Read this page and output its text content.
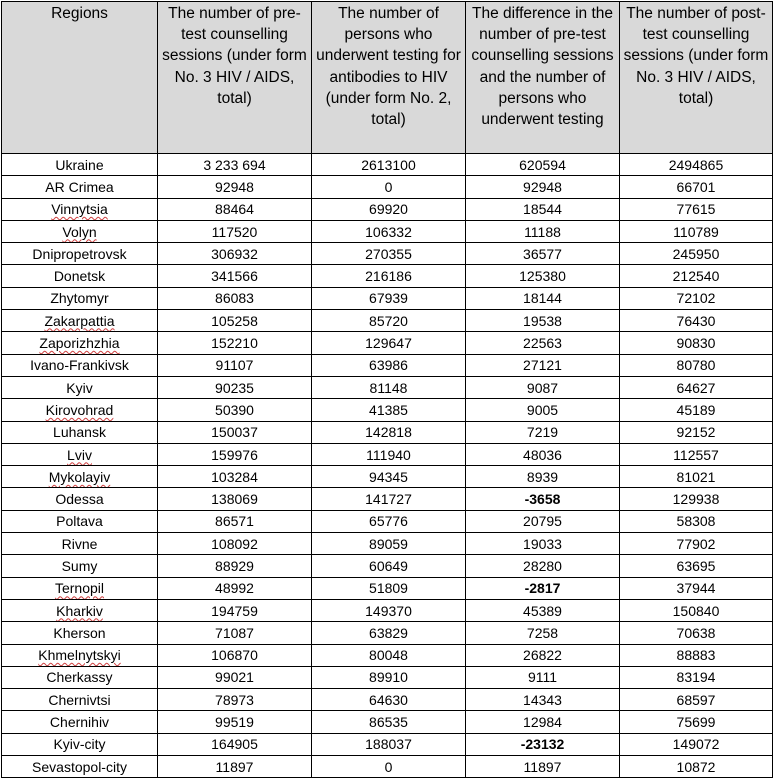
Regions	The number of pre-test counselling sessions (under form No. 3 HIV / AIDS, total)	The number of persons who underwent testing for antibodies to HIV (under form No. 2, total)	The difference in the number of pre-test counselling sessions and the number of persons who underwent testing	The number of post-test counselling sessions (under form No. 3 HIV / AIDS, total)
Ukraine	3 233 694	2613100	620594	2494865
AR Crimea	92948	0	92948	66701
Vinnytsia	88464	69920	18544	77615
Volyn	117520	106332	11188	110789
Dnipropetrovsk	306932	270355	36577	245950
Donetsk	341566	216186	125380	212540
Zhytomyr	86083	67939	18144	72102
Zakarpattia	105258	85720	19538	76430
Zaporizhzhia	152210	129647	22563	90830
Ivano-Frankivsk	91107	63986	27121	80780
Kyiv	90235	81148	9087	64627
Kirovohrad	50390	41385	9005	45189
Luhansk	150037	142818	7219	92152
Lviv	159976	111940	48036	112557
Mykolayiv	103284	94345	8939	81021
Odessa	138069	141727	-3658	129938
Poltava	86571	65776	20795	58308
Rivne	108092	89059	19033	77902
Sumy	88929	60649	28280	63695
Ternopil	48992	51809	-2817	37944
Kharkiv	194759	149370	45389	150840
Kherson	71087	63829	7258	70638
Khmelnytskyi	106870	80048	26822	88883
Cherkassy	99021	89910	9111	83194
Chernivtsi	78973	64630	14343	68597
Chernihiv	99519	86535	12984	75699
Kyiv-city	164905	188037	-23132	149072
Sevastopol-city	11897	0	11897	10872
